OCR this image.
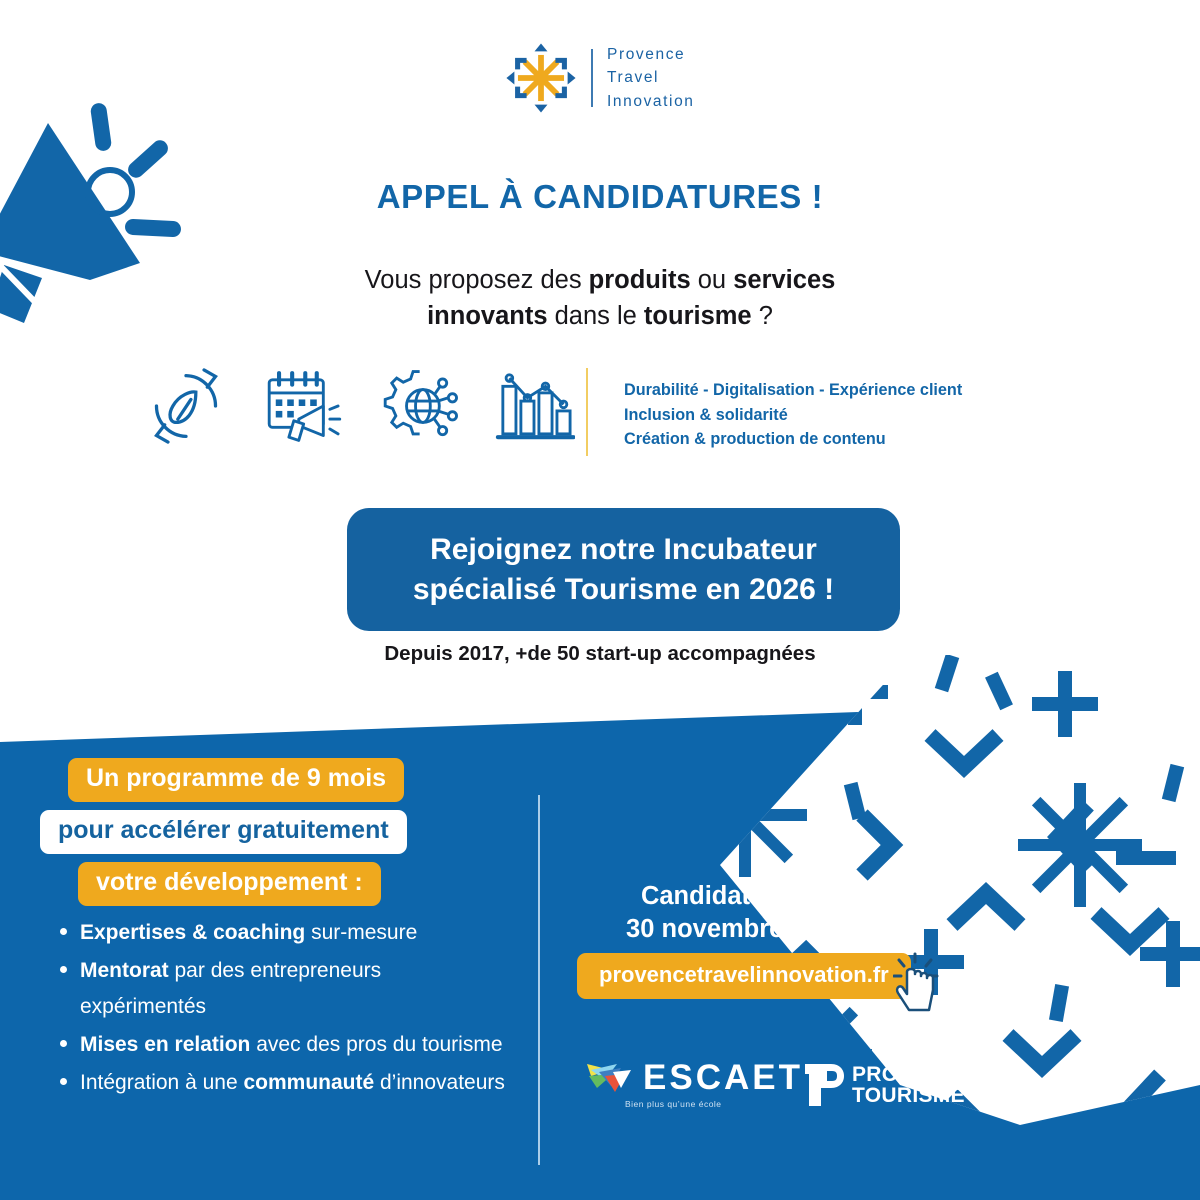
Provence
Travel
Innovation
APPEL À CANDIDATURES !
Vous proposez des produits ou services
innovants dans le tourisme ?
Durabilité - Digitalisation - Expérience client
Inclusion & solidarité
Création & production de contenu
Rejoignez notre Incubateur
spécialisé Tourisme en 2026 !
Depuis 2017, +de 50 start-up accompagnées
Un programme de 9 mois
pour accélérer gratuitement
votre développement :
Expertises & coaching sur-mesure
Mentorat par des entrepreneurs expérimentés
Mises en relation avec des pros du tourisme
Intégration à une communauté d’innovateurs
Candidatez avant le
30 novembre 2025 sur
provencetravelinnovation.fr
ESCAET
Bien plus qu’une école
PROVENCE
TOURISME
